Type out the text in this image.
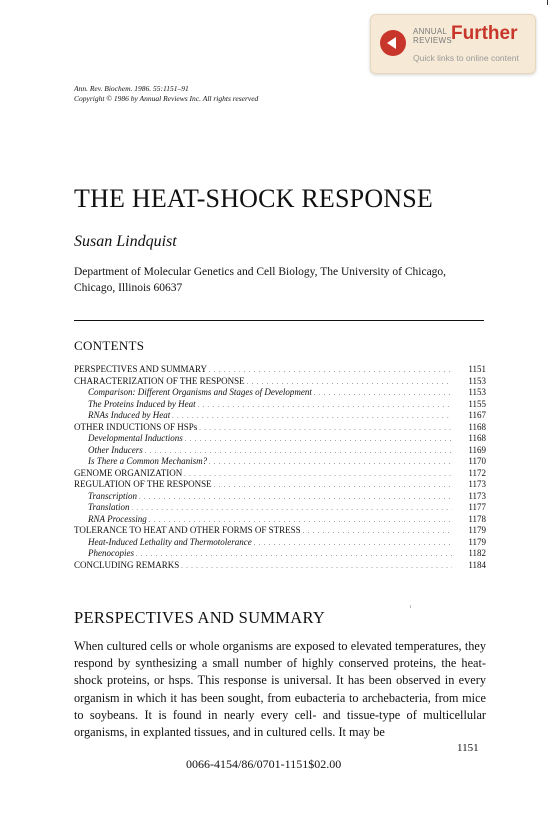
ANNUAL
REVIEWS Further
Quick links to online content
Ann. Rev. Biochem. 1986. 55:1151–91
Copyright © 1986 by Annual Reviews Inc. All rights reserved
THE HEAT-SHOCK RESPONSE
Susan Lindquist
Department of Molecular Genetics and Cell Biology, The University of Chicago, Chicago, Illinois 60637
CONTENTS
PERSPECTIVES AND SUMMARY . . .	1151
CHARACTERIZATION OF THE RESPONSE . . .	1153
Comparison: Different Organisms and Stages of Development . . .	1153
The Proteins Induced by Heat . . .	1155
RNAs Induced by Heat . . .	1167
OTHER INDUCTIONS OF HSPs . . .	1168
Developmental Inductions . . .	1168
Other Inducers . . .	1169
Is There a Common Mechanism? . . .	1170
GENOME ORGANIZATION . . .	1172
REGULATION OF THE RESPONSE . . .	1173
Transcription . . .	1173
Translation . . .	1177
RNA Processing . . .	1178
TOLERANCE TO HEAT AND OTHER FORMS OF STRESS . . .	1179
Heat-Induced Lethality and Thermotolerance . . .	1179
Phenocopies . . .	1182
CONCLUDING REMARKS . . .	1184
PERSPECTIVES AND SUMMARY
When cultured cells or whole organisms are exposed to elevated temperatures, they respond by synthesizing a small number of highly conserved proteins, the heat-shock proteins, or hsps. This response is universal. It has been observed in every organism in which it has been sought, from eubacteria to archebacteria, from mice to soybeans. It is found in nearly every cell- and tissue-type of multicellular organisms, in explanted tissues, and in cultured cells. It may be
1151
0066-4154/86/0701-1151$02.00
